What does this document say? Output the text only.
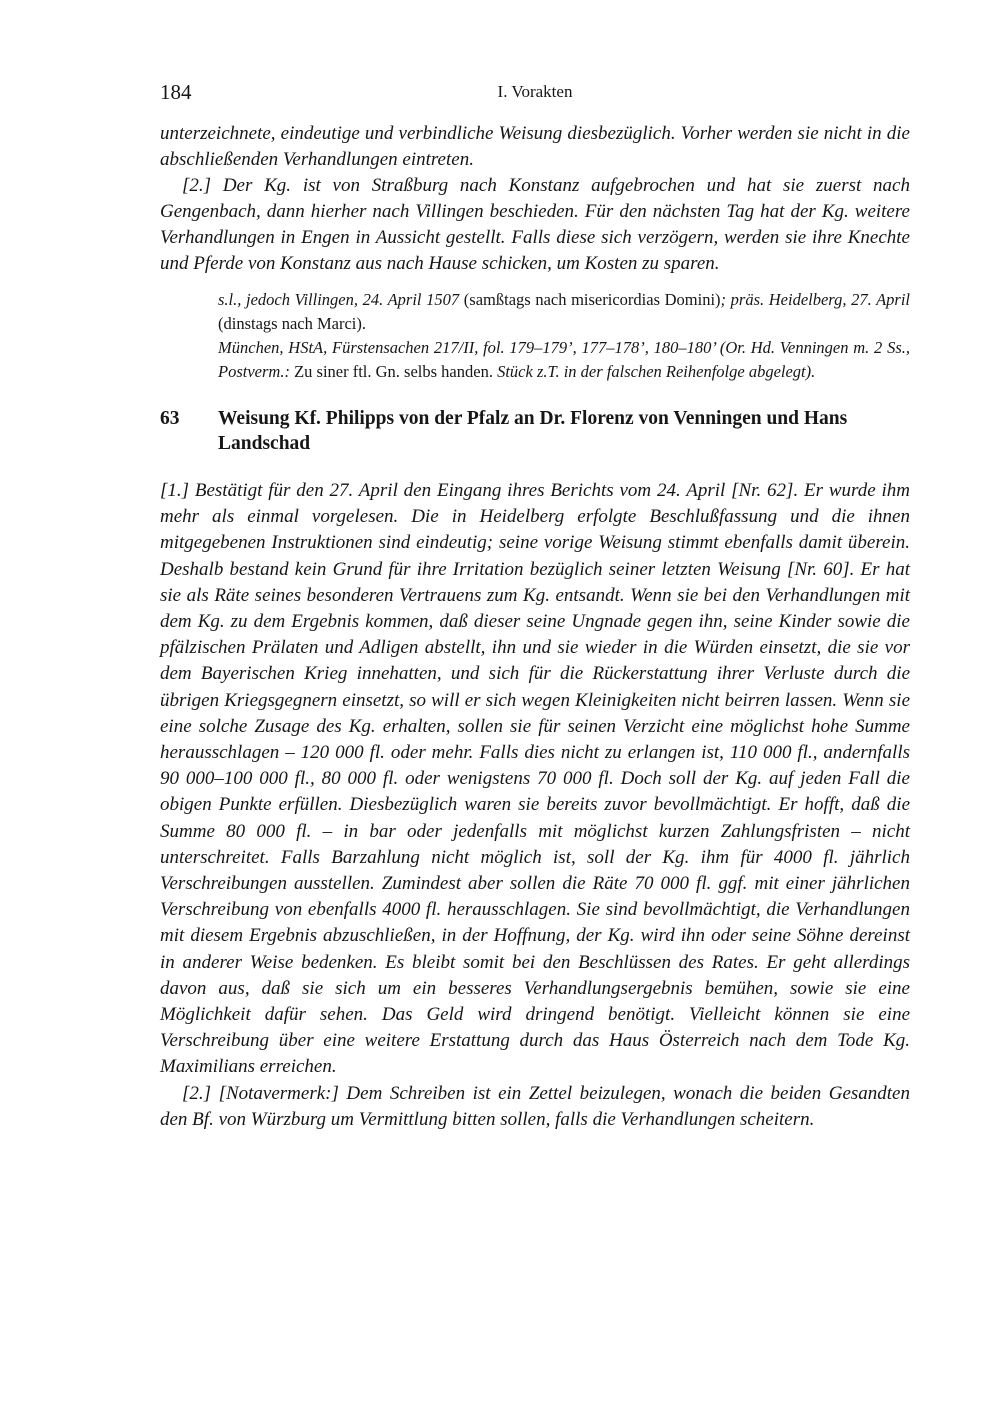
184	I. Vorakten

unterzeichnete, eindeutige und verbindliche Weisung diesbezüglich. Vorher werden sie nicht in die abschließenden Verhandlungen eintreten.

[2.] Der Kg. ist von Straßburg nach Konstanz aufgebrochen und hat sie zuerst nach Gengenbach, dann hierher nach Villingen beschieden. Für den nächsten Tag hat der Kg. weitere Verhandlungen in Engen in Aussicht gestellt. Falls diese sich verzögern, werden sie ihre Knechte und Pferde von Konstanz aus nach Hause schicken, um Kosten zu sparen.

s.l., jedoch Villingen, 24. April 1507 (samßtags nach misericordias Domini); präs. Heidelberg, 27. April (dinstags nach Marci).

München, HStA, Fürstensachen 217/II, fol. 179–179’, 177–178’, 180–180’ (Or. Hd. Venningen m. 2 Ss., Postverm.: Zu siner ftl. Gn. selbs handen. Stück z.T. in der falschen Reihenfolge abgelegt).

63	Weisung Kf. Philipps von der Pfalz an Dr. Florenz von Venningen und Hans Landschad

[1.] Bestätigt für den 27. April den Eingang ihres Berichts vom 24. April [Nr. 62]. Er wurde ihm mehr als einmal vorgelesen. Die in Heidelberg erfolgte Beschlußfassung und die ihnen mitgegebenen Instruktionen sind eindeutig; seine vorige Weisung stimmt ebenfalls damit überein. Deshalb bestand kein Grund für ihre Irritation bezüglich seiner letzten Weisung [Nr. 60]. Er hat sie als Räte seines besonderen Vertrauens zum Kg. entsandt. Wenn sie bei den Verhandlungen mit dem Kg. zu dem Ergebnis kommen, daß dieser seine Ungnade gegen ihn, seine Kinder sowie die pfälzischen Prälaten und Adligen abstellt, ihn und sie wieder in die Würden einsetzt, die sie vor dem Bayerischen Krieg innehatten, und sich für die Rückerstattung ihrer Verluste durch die übrigen Kriegsgegnern einsetzt, so will er sich wegen Kleinigkeiten nicht beirren lassen. Wenn sie eine solche Zusage des Kg. erhalten, sollen sie für seinen Verzicht eine möglichst hohe Summe herausschlagen – 120 000 fl. oder mehr. Falls dies nicht zu erlangen ist, 110 000 fl., andernfalls 90 000–100 000 fl., 80 000 fl. oder wenigstens 70 000 fl. Doch soll der Kg. auf jeden Fall die obigen Punkte erfüllen. Diesbezüglich waren sie bereits zuvor bevollmächtigt. Er hofft, daß die Summe 80 000 fl. – in bar oder jedenfalls mit möglichst kurzen Zahlungsfristen – nicht unterschreitet. Falls Barzahlung nicht möglich ist, soll der Kg. ihm für 4000 fl. jährlich Verschreibungen ausstellen. Zumindest aber sollen die Räte 70 000 fl. ggf. mit einer jährlichen Verschreibung von ebenfalls 4000 fl. herausschlagen. Sie sind bevollmächtigt, die Verhandlungen mit diesem Ergebnis abzuschließen, in der Hoffnung, der Kg. wird ihn oder seine Söhne dereinst in anderer Weise bedenken. Es bleibt somit bei den Beschlüssen des Rates. Er geht allerdings davon aus, daß sie sich um ein besseres Verhandlungsergebnis bemühen, sowie sie eine Möglichkeit dafür sehen. Das Geld wird dringend benötigt. Vielleicht können sie eine Verschreibung über eine weitere Erstattung durch das Haus Österreich nach dem Tode Kg. Maximilians erreichen.

[2.] [Notavermerk:] Dem Schreiben ist ein Zettel beizulegen, wonach die beiden Gesandten den Bf. von Würzburg um Vermittlung bitten sollen, falls die Verhandlungen scheitern.
